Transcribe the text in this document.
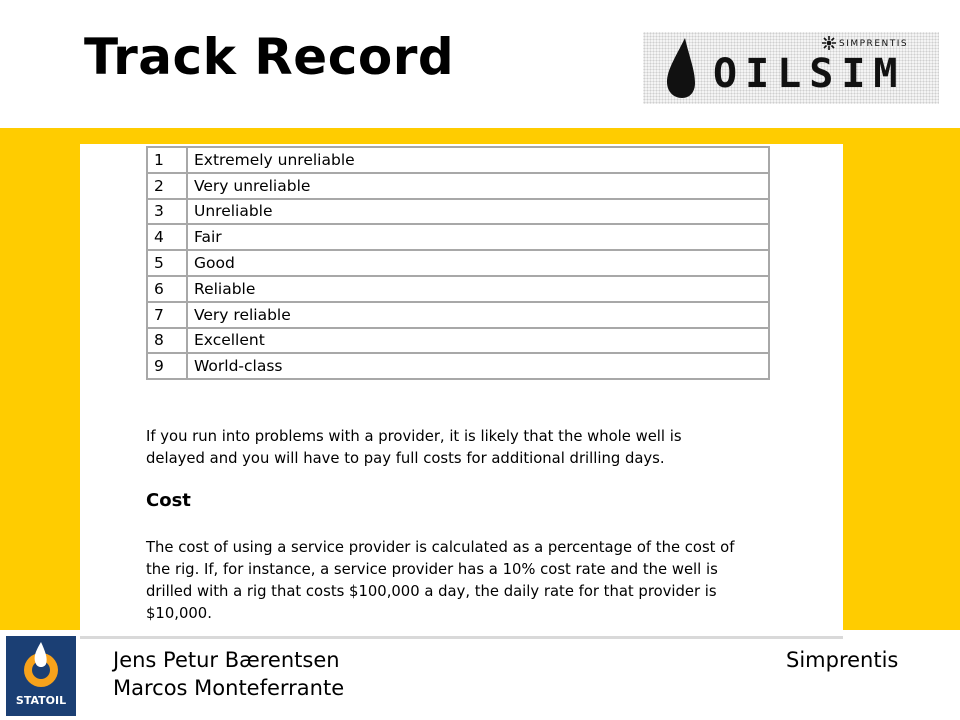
Track Record	SIMPRENTIS
OILSIM
1	Extremely unreliable
2	Very unreliable
3	Unreliable
4	Fair
5	Good
6	Reliable
7	Very reliable
8	Excellent
9	World-class
If you run into problems with a provider, it is likely that the whole well is
delayed and you will have to pay full costs for additional drilling days.
Cost
The cost of using a service provider is calculated as a percentage of the cost of
the rig. If, for instance, a service provider has a 10% cost rate and the well is
drilled with a rig that costs $100,000 a day, the daily rate for that provider is
$10,000.
STATOIL
Jens Petur Bærentsen
Marcos Monteferrante
Simprentis
